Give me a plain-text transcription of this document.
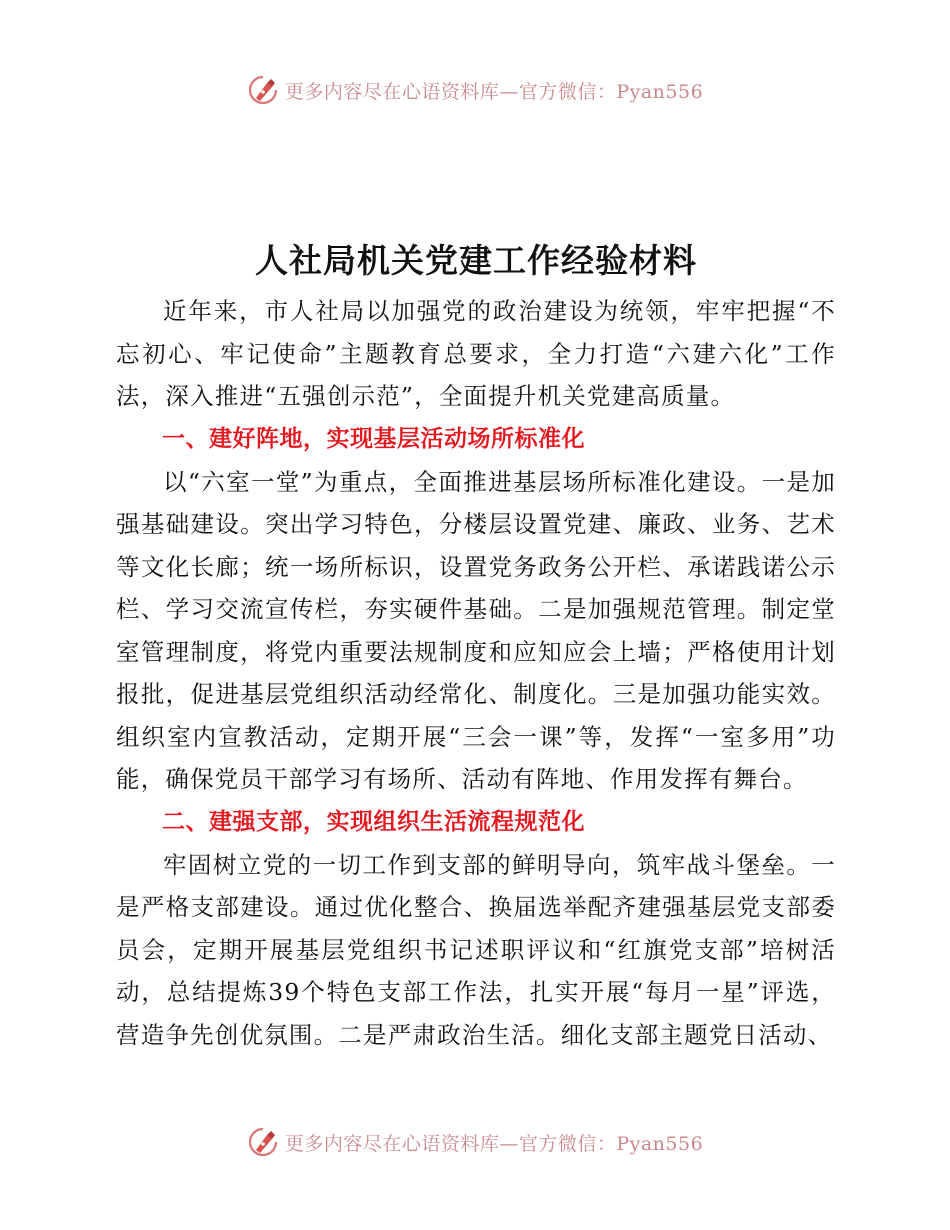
更多内容尽在心语资料库—官方微信：Pyan556
人社局机关党建工作经验材料

近年来，市人社局以加强党的政治建设为统领，牢牢把握“不忘初心、牢记使命”主题教育总要求，全力打造“六建六化”工作法，深入推进“五强创示范”，全面提升机关党建高质量。

一、建好阵地，实现基层活动场所标准化

以“六室一堂”为重点，全面推进基层场所标准化建设。一是加强基础建设。突出学习特色，分楼层设置党建、廉政、业务、艺术等文化长廊；统一场所标识，设置党务政务公开栏、承诺践诺公示栏、学习交流宣传栏，夯实硬件基础。二是加强规范管理。制定堂室管理制度，将党内重要法规制度和应知应会上墙；严格使用计划报批，促进基层党组织活动经常化、制度化。三是加强功能实效。组织室内宣教活动，定期开展“三会一课”等，发挥“一室多用”功能，确保党员干部学习有场所、活动有阵地、作用发挥有舞台。

二、建强支部，实现组织生活流程规范化

牢固树立党的一切工作到支部的鲜明导向，筑牢战斗堡垒。一是严格支部建设。通过优化整合、换届选举配齐建强基层党支部委员会，定期开展基层党组织书记述职评议和“红旗党支部”培树活动，总结提炼39个特色支部工作法，扎实开展“每月一星”评选，营造争先创优氛围。二是严肃政治生活。细化支部主题党日活动、

更多内容尽在心语资料库—官方微信：Pyan556
